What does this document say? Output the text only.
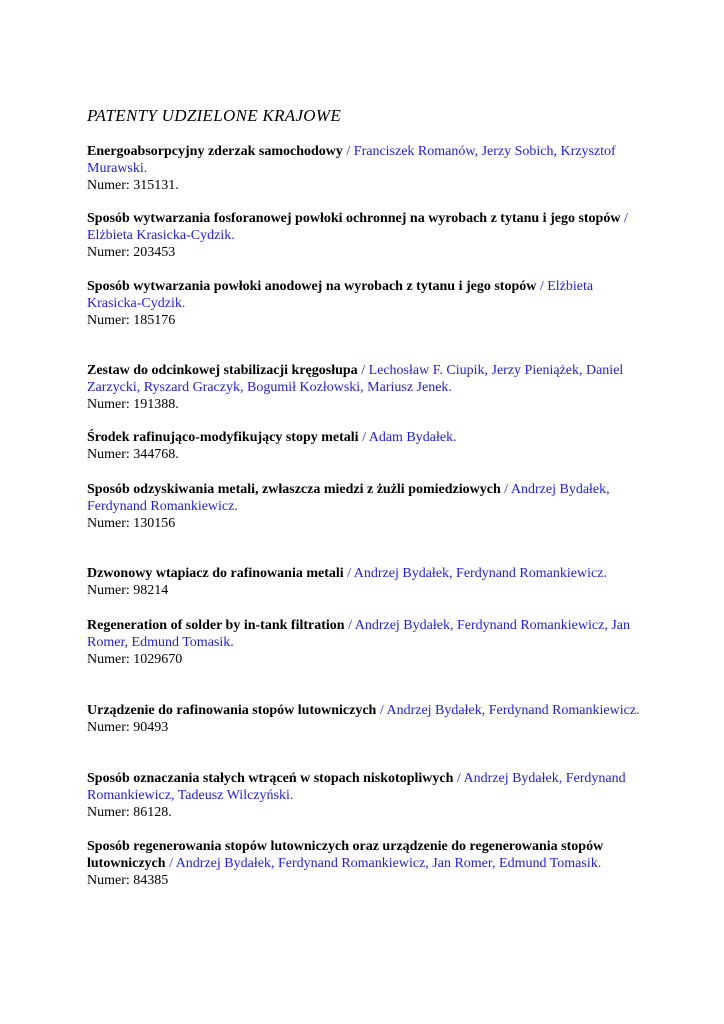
PATENTY UDZIELONE KRAJOWE
Energoabsorpcyjny zderzak samochodowy / Franciszek Romanów, Jerzy Sobich, Krzysztof Murawski.
Numer: 315131.
Sposób wytwarzania fosforanowej powłoki ochronnej na wyrobach z tytanu i jego stopów / Elżbieta Krasicka-Cydzik.
Numer: 203453
Sposób wytwarzania powłoki anodowej na wyrobach z tytanu i jego stopów / Elżbieta Krasicka-Cydzik.
Numer: 185176
Zestaw do odcinkowej stabilizacji kręgosłupa / Lechosław F. Ciupik, Jerzy Pieniążek, Daniel Zarzycki, Ryszard Graczyk, Bogumił Kozłowski, Mariusz Jenek.
Numer: 191388.
Środek rafinująco-modyfikujący stopy metali / Adam Bydałek.
Numer: 344768.
Sposób odzyskiwania metali, zwłaszcza miedzi z żużli pomiedziowych / Andrzej Bydałek, Ferdynand Romankiewicz.
Numer: 130156
Dzwonowy wtapiacz do rafinowania metali / Andrzej Bydałek, Ferdynand Romankiewicz.
Numer: 98214
Regeneration of solder by in-tank filtration / Andrzej Bydałek, Ferdynand Romankiewicz, Jan Romer, Edmund Tomasik.
Numer: 1029670
Urządzenie do rafinowania stopów lutowniczych / Andrzej Bydałek, Ferdynand Romankiewicz.
Numer: 90493
Sposób oznaczania stałych wtrąceń w stopach niskotopliwych / Andrzej Bydałek, Ferdynand Romankiewicz, Tadeusz Wilczyński.
Numer: 86128.
Sposób regenerowania stopów lutowniczych oraz urządzenie do regenerowania stopów lutowniczych / Andrzej Bydałek, Ferdynand Romankiewicz, Jan Romer, Edmund Tomasik.
Numer: 84385
